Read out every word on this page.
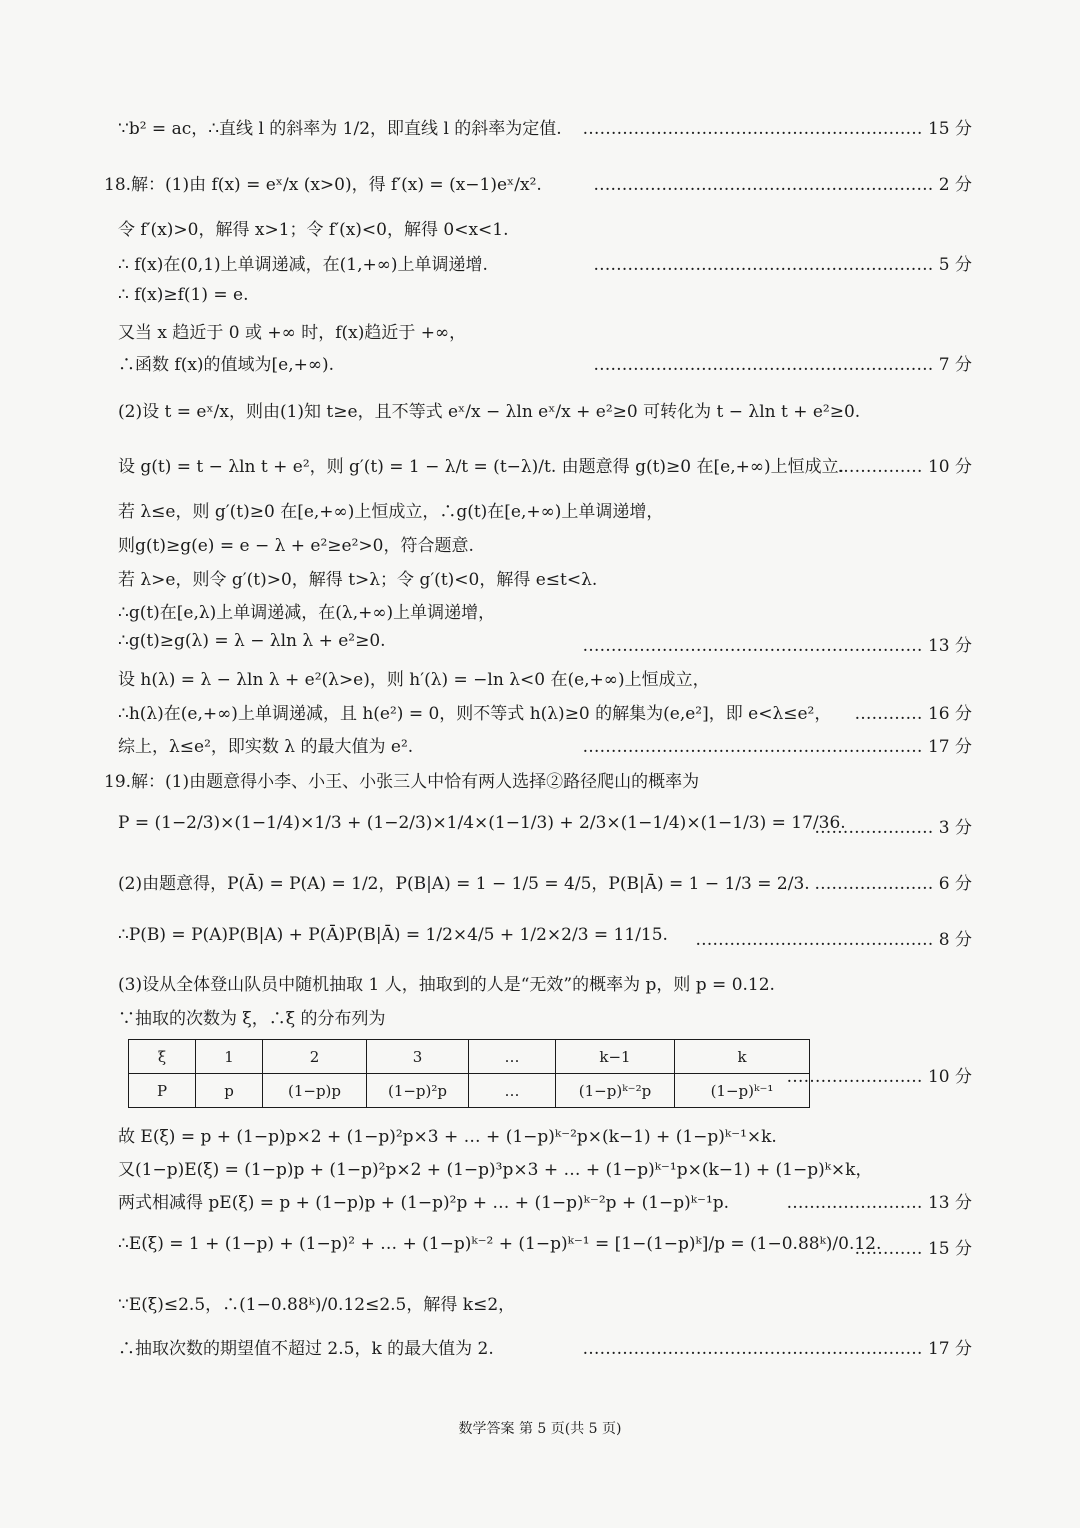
∵b² = ac，∴直线 l 的斜率为 1/2，即直线 l 的斜率为定值.	…………………………………………………… 15 分
18.解：(1)由 f(x) = eˣ/x (x>0)，得 f′(x) = (x−1)eˣ/x².	…………………………………………………… 2 分
令 f′(x)>0，解得 x>1；令 f′(x)<0，解得 0<x<1.
∴ f(x)在(0,1)上单调递减，在(1,+∞)上单调递增.	…………………………………………………… 5 分
∴ f(x)≥f(1) = e.
又当 x 趋近于 0 或 +∞ 时，f(x)趋近于 +∞，
∴函数 f(x)的值域为[e,+∞).	…………………………………………………… 7 分
(2)设 t = eˣ/x，则由(1)知 t≥e，且不等式 eˣ/x − λln eˣ/x + e²≥0 可转化为 t − λln t + e²≥0.
设 g(t) = t − λln t + e²，则 g′(t) = 1 − λ/t = (t−λ)/t. 由题意得 g(t)≥0 在[e,+∞)上恒成立.
…………… 10 分
若 λ≤e，则 g′(t)≥0 在[e,+∞)上恒成立，∴g(t)在[e,+∞)上单调递增，
则g(t)≥g(e) = e − λ + e²≥e²>0，符合题意.
若 λ>e，则令 g′(t)>0，解得 t>λ；令 g′(t)<0，解得 e≤t<λ.
∴g(t)在[e,λ)上单调递减，在(λ,+∞)上单调递增，
∴g(t)≥g(λ) = λ − λln λ + e²≥0.	…………………………………………………… 13 分
设 h(λ) = λ − λln λ + e²(λ>e)，则 h′(λ) = −ln λ<0 在(e,+∞)上恒成立，
∴h(λ)在(e,+∞)上单调递减，且 h(e²) = 0，则不等式 h(λ)≥0 的解集为(e,e²]，即 e<λ≤e²，	………… 16 分
综上，λ≤e²，即实数 λ 的最大值为 e².	…………………………………………………… 17 分
19.解：(1)由题意得小李、小王、小张三人中恰有两人选择②路径爬山的概率为
P = (1−2/3)×(1−1/4)×1/3 + (1−2/3)×1/4×(1−1/3) + 2/3×(1−1/4)×(1−1/3) = 17/36.
………………… 3 分
(2)由题意得，P(Ā) = P(A) = 1/2，P(B|A) = 1 − 1/5 = 4/5，P(B|Ā) = 1 − 1/3 = 2/3. ………………… 6 分
∴P(B) = P(A)P(B|A) + P(Ā)P(B|Ā) = 1/2×4/5 + 1/2×2/3 = 11/15.	…………………………………… 8 分
(3)设从全体登山队员中随机抽取 1 人，抽取到的人是“无效”的概率为 p，则 p = 0.12.
∵抽取的次数为 ξ，∴ξ 的分布列为
ξ	1	2	3	…	k−1	k
P	p	(1−p)p	(1−p)²p	…	(1−p)ᵏ⁻²p	(1−p)ᵏ⁻¹
…………………… 10 分
故 E(ξ) = p + (1−p)p×2 + (1−p)²p×3 + … + (1−p)ᵏ⁻²p×(k−1) + (1−p)ᵏ⁻¹×k.
又(1−p)E(ξ) = (1−p)p + (1−p)²p×2 + (1−p)³p×3 + … + (1−p)ᵏ⁻¹p×(k−1) + (1−p)ᵏ×k，
两式相减得 pE(ξ) = p + (1−p)p + (1−p)²p + … + (1−p)ᵏ⁻²p + (1−p)ᵏ⁻¹p.	…………………… 13 分
∴E(ξ) = 1 + (1−p) + (1−p)² + … + (1−p)ᵏ⁻² + (1−p)ᵏ⁻¹ = [1−(1−p)ᵏ]/p = (1−0.88ᵏ)/0.12.
………… 15 分
∵E(ξ)≤2.5，∴(1−0.88ᵏ)/0.12≤2.5，解得 k≤2，
∴抽取次数的期望值不超过 2.5，k 的最大值为 2.	…………………………………………………… 17 分
数学答案 第 5 页(共 5 页)
